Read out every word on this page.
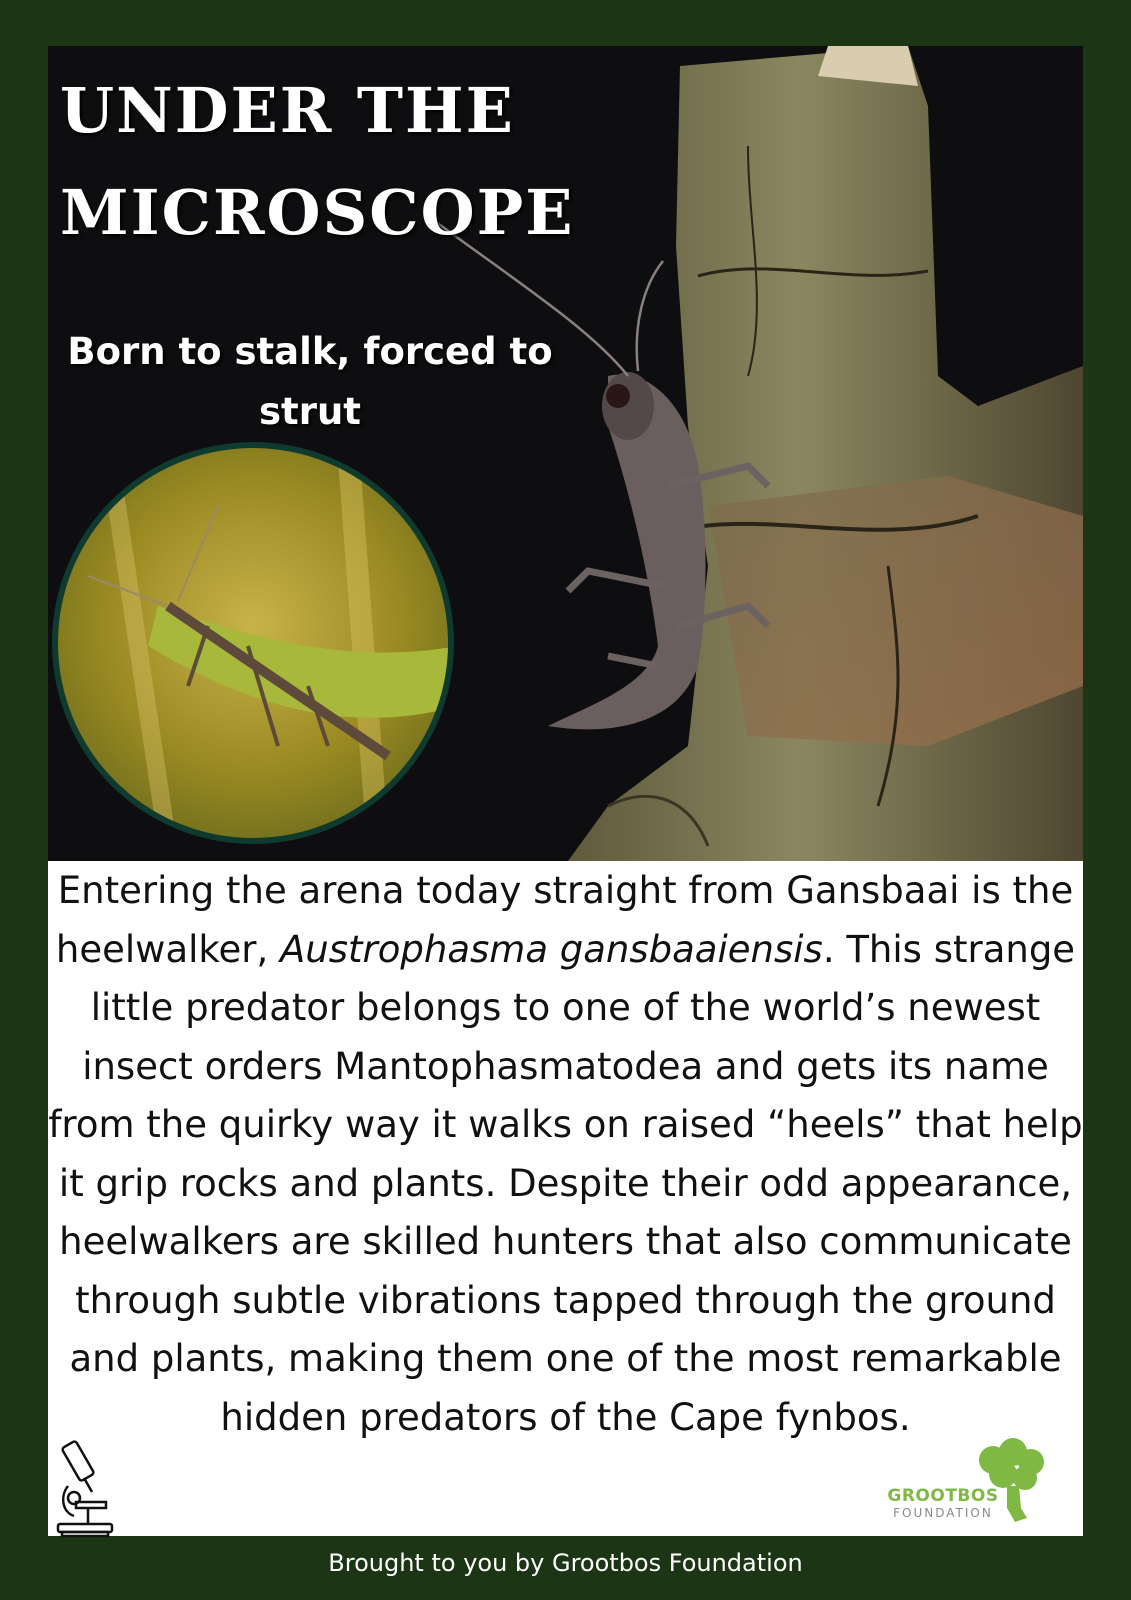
UNDER THE
MICROSCOPE

Born to stalk, forced to strut

Entering the arena today straight from Gansbaai is the heelwalker, Austrophasma gansbaaiensis. This strange little predator belongs to one of the world’s newest insect orders Mantophasmatodea and gets its name from the quirky way it walks on raised “heels” that help it grip rocks and plants. Despite their odd appearance, heelwalkers are skilled hunters that also communicate through subtle vibrations tapped through the ground and plants, making them one of the most remarkable hidden predators of the Cape fynbos.

GROOTBOS
FOUNDATION
Brought to you by Grootbos Foundation
